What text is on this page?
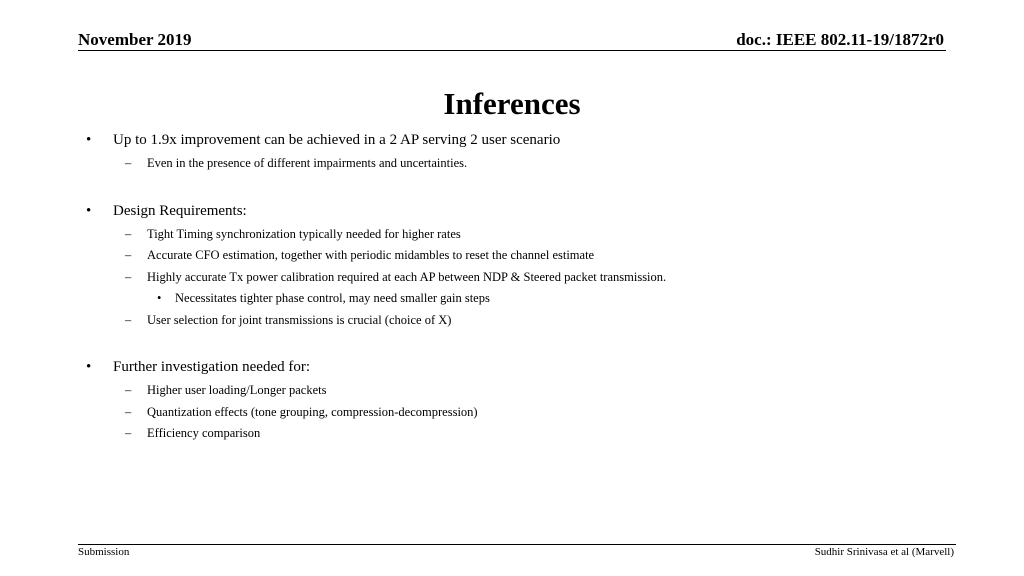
November 2019	doc.: IEEE 802.11-19/1872r0
Inferences
• Up to 1.9x improvement can be achieved in a 2 AP serving 2 user scenario
– Even in the presence of different impairments and uncertainties.
• Design Requirements:
– Tight Timing synchronization typically needed for higher rates
– Accurate CFO estimation, together with periodic midambles to reset the channel estimate
– Highly accurate Tx power calibration required at each AP between NDP & Steered packet transmission.
• Necessitates tighter phase control, may need smaller gain steps
– User selection for joint transmissions is crucial (choice of X)
• Further investigation needed for:
– Higher user loading/Longer packets
– Quantization effects (tone grouping, compression-decompression)
– Efficiency comparison
Submission	Sudhir Srinivasa et al (Marvell)
